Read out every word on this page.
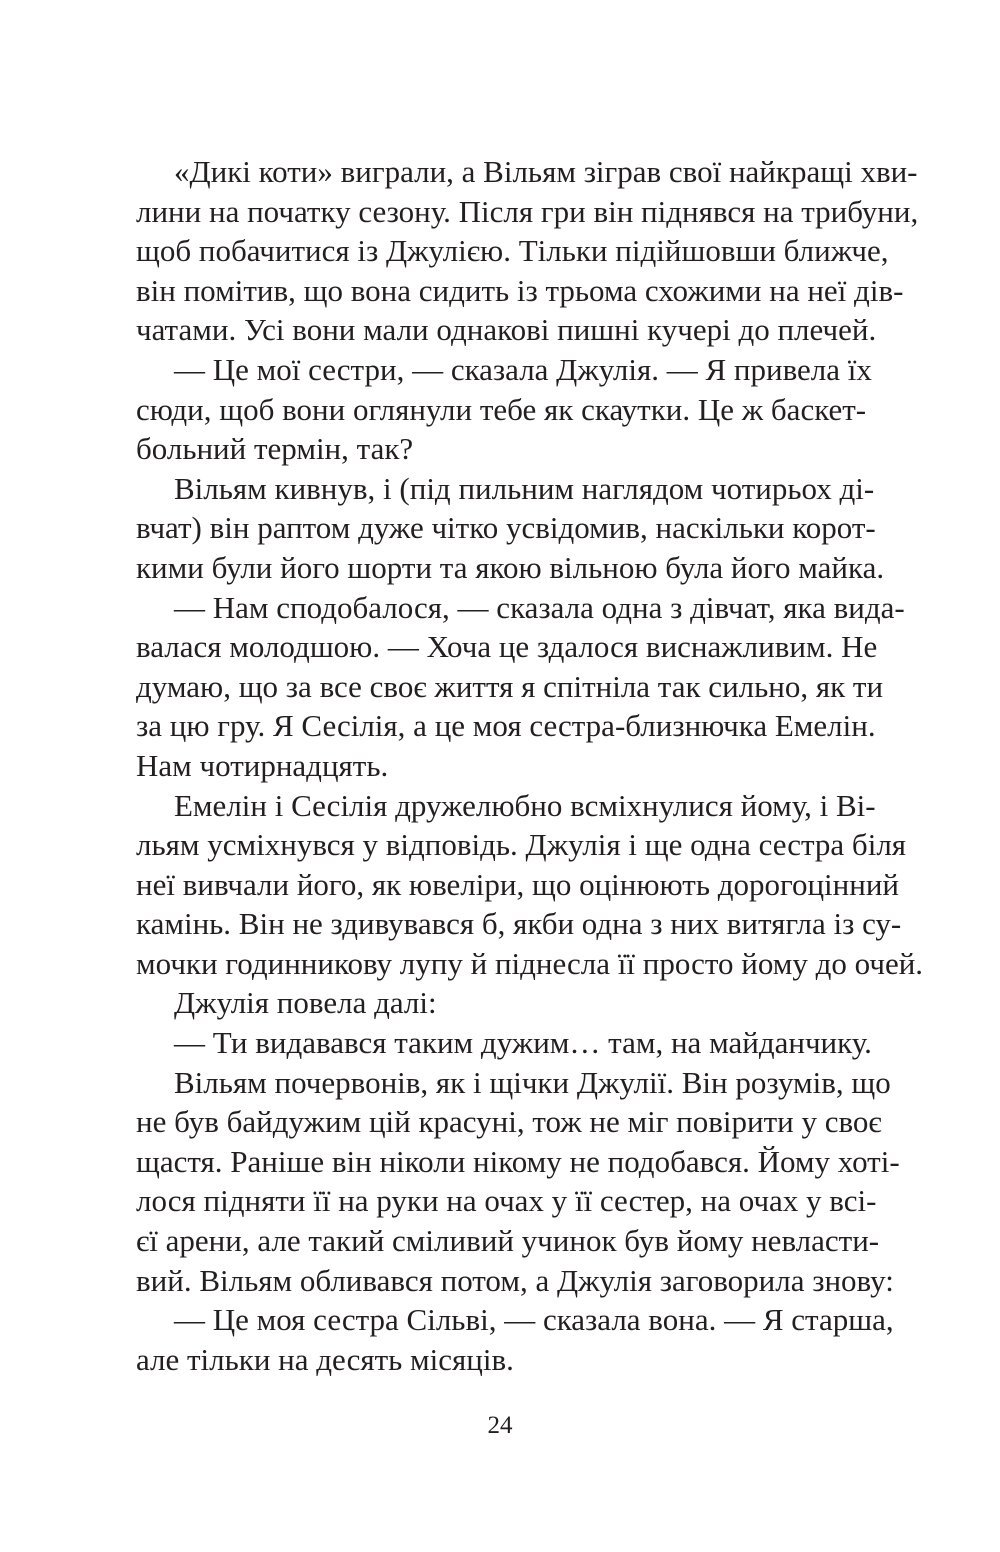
«Дикі коти» виграли, а Вільям зіграв свої найкращі хви-
лини на початку сезону. Після гри він піднявся на трибуни,
щоб побачитися із Джулією. Тільки підійшовши ближче,
він помітив, що вона сидить із трьома схожими на неї дів-
чатами. Усі вони мали однакові пишні кучері до плечей.
— Це мої сестри, — сказала Джулія. — Я привела їх
сюди, щоб вони оглянули тебе як скаутки. Це ж баскет-
больний термін, так?
Вільям кивнув, і (під пильним наглядом чотирьох ді-
вчат) він раптом дуже чітко усвідомив, наскільки корот-
кими були його шорти та якою вільною була його майка.
— Нам сподобалося, — сказала одна з дівчат, яка вида-
валася молодшою. — Хоча це здалося виснажливим. Не
думаю, що за все своє життя я спітніла так сильно, як ти
за цю гру. Я Сесілія, а це моя сестра-близнючка Емелін.
Нам чотирнадцять.
Емелін і Сесілія дружелюбно всміхнулися йому, і Ві-
льям усміхнувся у відповідь. Джулія і ще одна сестра біля
неї вивчали його, як ювеліри, що оцінюють дорогоцінний
камінь. Він не здивувався б, якби одна з них витягла із су-
мочки годинникову лупу й піднесла її просто йому до очей.
Джулія повела далі:
— Ти видавався таким дужим… там, на майданчику.
Вільям почервонів, як і щічки Джулії. Він розумів, що
не був байдужим цій красуні, тож не міг повірити у своє
щастя. Раніше він ніколи нікому не подобався. Йому хоті-
лося підняти її на руки на очах у її сестер, на очах у всі-
єї арени, але такий сміливий учинок був йому невласти-
вий. Вільям обливався потом, а Джулія заговорила знову:
— Це моя сестра Сільві, — сказала вона. — Я старша,
але тільки на десять місяців.
24
